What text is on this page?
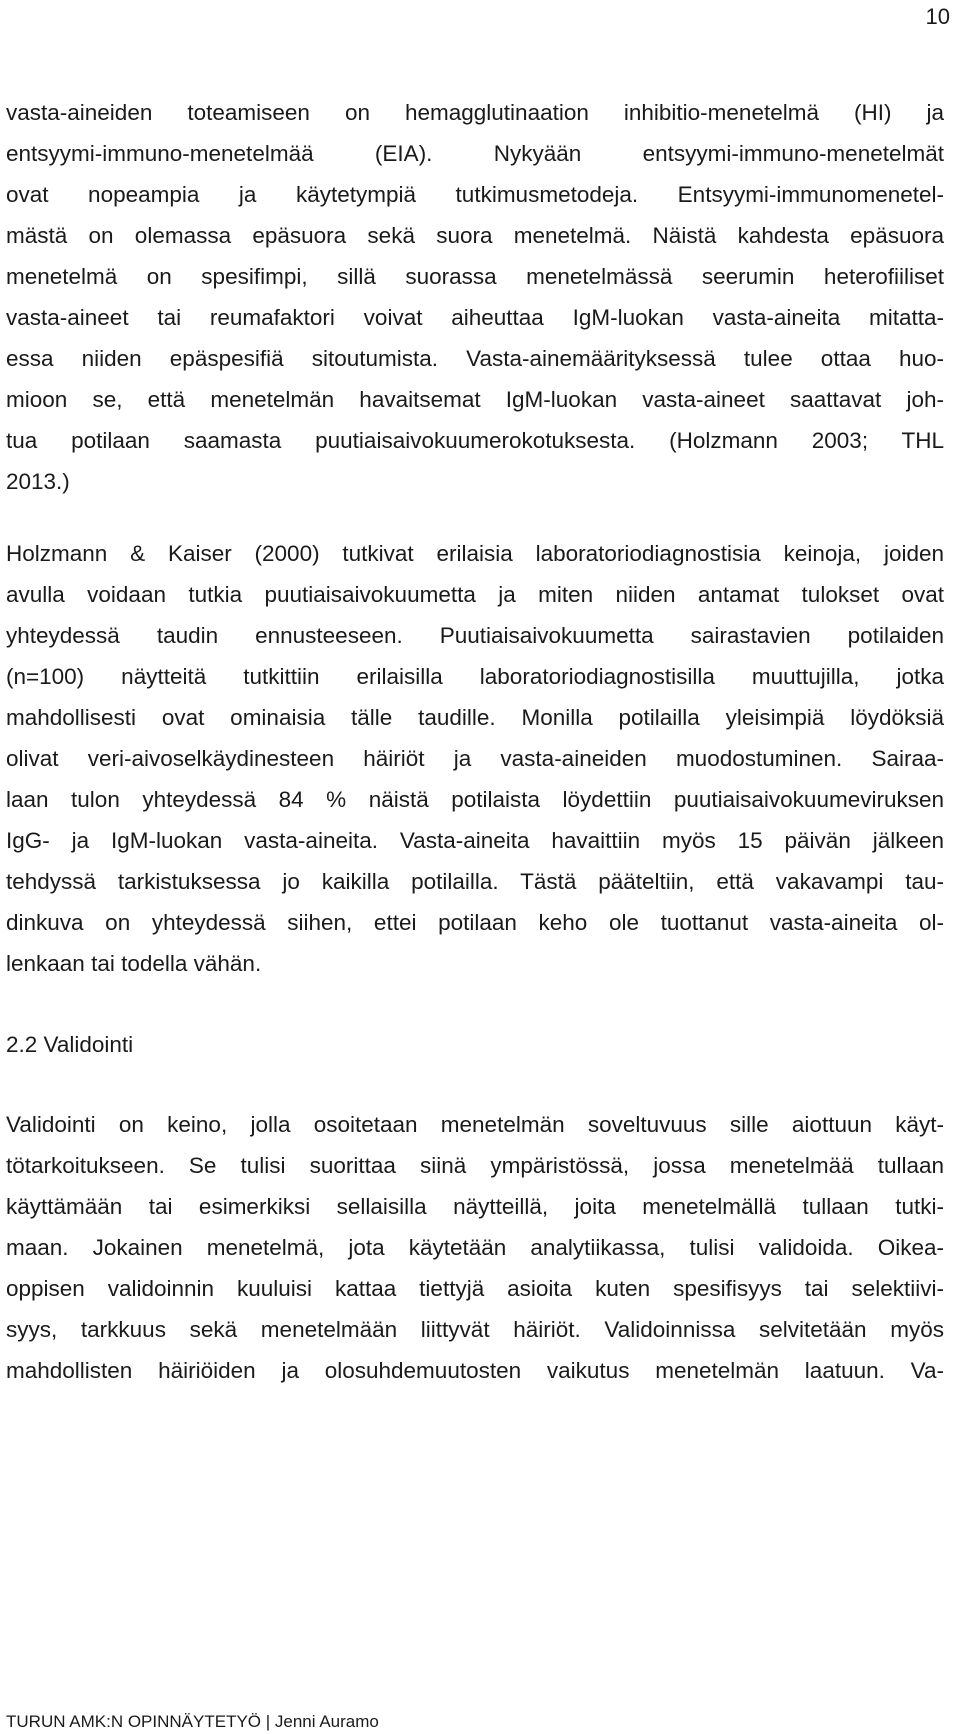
10
vasta-aineiden toteamiseen on hemagglutinaation inhibitio-menetelmä (HI) ja
entsyymi-immuno-menetelmää (EIA). Nykyään entsyymi-immuno-menetelmät
ovat nopeampia ja käytetympiä tutkimusmetodeja. Entsyymi-immunomenetel-
mästä on olemassa epäsuora sekä suora menetelmä. Näistä kahdesta epäsuora
menetelmä on spesifimpi, sillä suorassa menetelmässä seerumin heterofiiliset
vasta-aineet tai reumafaktori voivat aiheuttaa IgM-luokan vasta-aineita mitatta-
essa niiden epäspesifiä sitoutumista. Vasta-ainemäärityksessä tulee ottaa huo-
mioon se, että menetelmän havaitsemat IgM-luokan vasta-aineet saattavat joh-
tua potilaan saamasta puutiaisaivokuumerokotuksesta. (Holzmann 2003; THL
2013.)
Holzmann & Kaiser (2000) tutkivat erilaisia laboratoriodiagnostisia keinoja, joiden
avulla voidaan tutkia puutiaisaivokuumetta ja miten niiden antamat tulokset ovat
yhteydessä taudin ennusteeseen. Puutiaisaivokuumetta sairastavien potilaiden
(n=100) näytteitä tutkittiin erilaisilla laboratoriodiagnostisilla muuttujilla, jotka
mahdollisesti ovat ominaisia tälle taudille. Monilla potilailla yleisimpiä löydöksiä
olivat veri-aivoselkäydinesteen häiriöt ja vasta-aineiden muodostuminen. Sairaa-
laan tulon yhteydessä 84 % näistä potilaista löydettiin puutiaisaivokuumeviruksen
IgG- ja IgM-luokan vasta-aineita. Vasta-aineita havaittiin myös 15 päivän jälkeen
tehdyssä tarkistuksessa jo kaikilla potilailla. Tästä pääteltiin, että vakavampi tau-
dinkuva on yhteydessä siihen, ettei potilaan keho ole tuottanut vasta-aineita ol-
lenkaan tai todella vähän.
2.2 Validointi
Validointi on keino, jolla osoitetaan menetelmän soveltuvuus sille aiottuun käyt-
tötarkoitukseen. Se tulisi suorittaa siinä ympäristössä, jossa menetelmää tullaan
käyttämään tai esimerkiksi sellaisilla näytteillä, joita menetelmällä tullaan tutki-
maan. Jokainen menetelmä, jota käytetään analytiikassa, tulisi validoida. Oikea-
oppisen validoinnin kuuluisi kattaa tiettyjä asioita kuten spesifisyys tai selektiivi-
syys, tarkkuus sekä menetelmään liittyvät häiriöt. Validoinnissa selvitetään myös
mahdollisten häiriöiden ja olosuhdemuutosten vaikutus menetelmän laatuun. Va-
TURUN AMK:N OPINNÄYTETYÖ | Jenni Auramo
